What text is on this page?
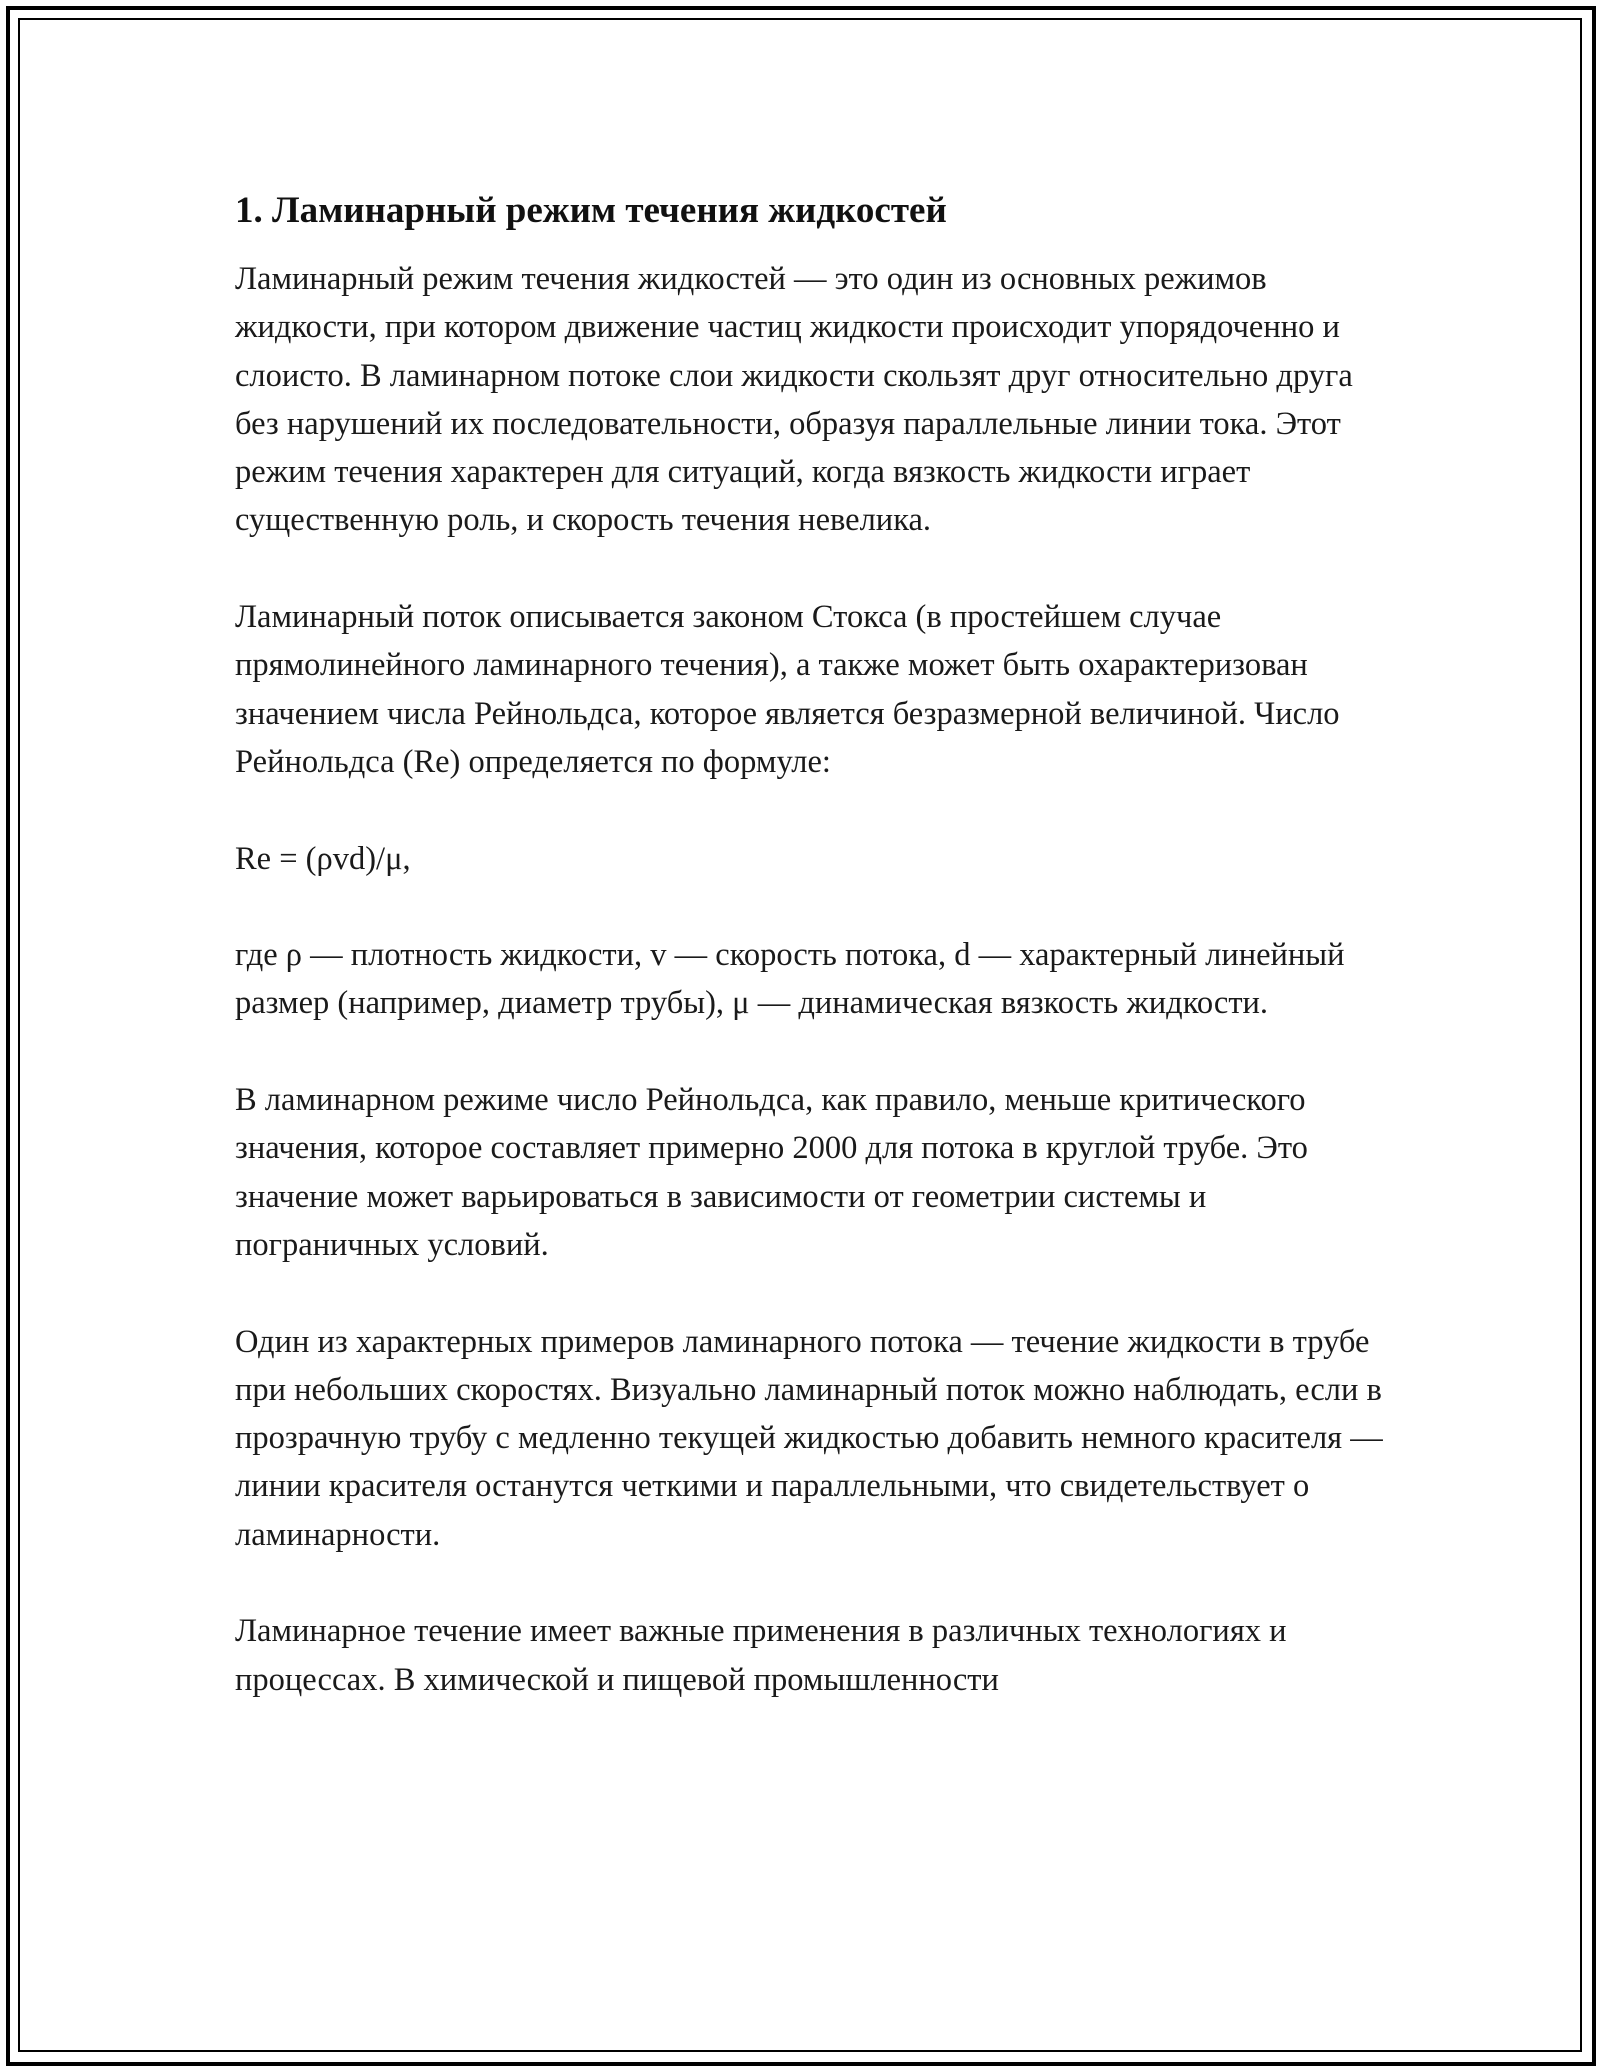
1. Ламинарный режим течения жидкостей

Ламинарный режим течения жидкостей — это один из основных режимов жидкости, при котором движение частиц жидкости происходит упорядоченно и слоисто. В ламинарном потоке слои жидкости скользят друг относительно друга без нарушений их последовательности, образуя параллельные линии тока. Этот режим течения характерен для ситуаций, когда вязкость жидкости играет существенную роль, и скорость течения невелика.

Ламинарный поток описывается законом Стокса (в простейшем случае прямолинейного ламинарного течения), а также может быть охарактеризован значением числа Рейнольдса, которое является безразмерной величиной. Число Рейнольдса (Re) определяется по формуле:

Re = (ρvd)/μ,

где ρ — плотность жидкости, v — скорость потока, d — характерный линейный размер (например, диаметр трубы), μ — динамическая вязкость жидкости.

В ламинарном режиме число Рейнольдса, как правило, меньше критического значения, которое составляет примерно 2000 для потока в круглой трубе. Это значение может варьироваться в зависимости от геометрии системы и пограничных условий.

Один из характерных примеров ламинарного потока — течение жидкости в трубе при небольших скоростях. Визуально ламинарный поток можно наблюдать, если в прозрачную трубу с медленно текущей жидкостью добавить немного красителя — линии красителя останутся четкими и параллельными, что свидетельствует о ламинарности.

Ламинарное течение имеет важные применения в различных технологиях и процессах. В химической и пищевой промышленности
